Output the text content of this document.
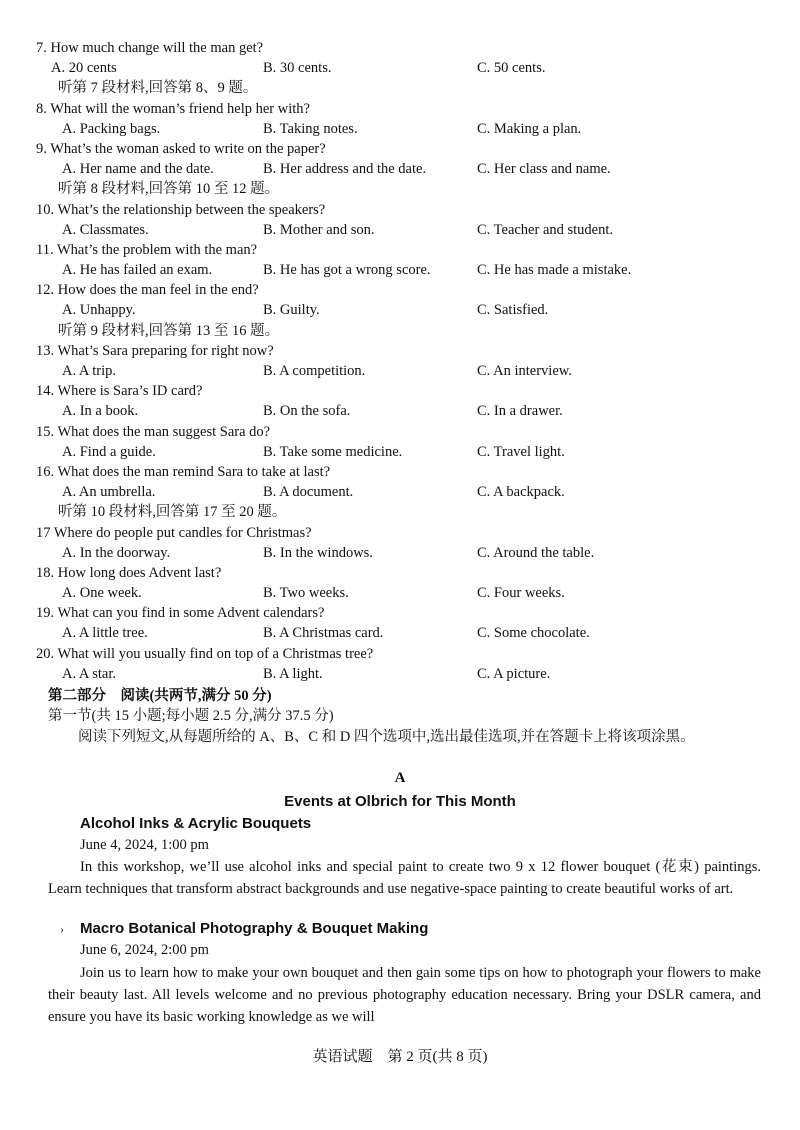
7. How much change will the man get?
A. 20 cents	B. 30 cents.	C. 50 cents.
听第 7 段材料,回答第 8、9 题。
8. What will the woman’s friend help her with?
A. Packing bags.	B. Taking notes.	C. Making a plan.
9. What’s the woman asked to write on the paper?
A. Her name and the date.	B. Her address and the date.	C. Her class and name.
听第 8 段材料,回答第 10 至 12 题。
10. What’s the relationship between the speakers?
A. Classmates.	B. Mother and son.	C. Teacher and student.
11. What’s the problem with the man?
A. He has failed an exam.	B. He has got a wrong score.	C. He has made a mistake.
12. How does the man feel in the end?
A. Unhappy.	B. Guilty.	C. Satisfied.
听第 9 段材料,回答第 13 至 16 题。
13. What’s Sara preparing for right now?
A. A trip.	B. A competition.	C. An interview.
14. Where is Sara’s ID card?
A. In a book.	B. On the sofa.	C. In a drawer.
15. What does the man suggest Sara do?
A. Find a guide.	B. Take some medicine.	C. Travel light.
16. What does the man remind Sara to take at last?
A. An umbrella.	B. A document.	C. A backpack.
听第 10 段材料,回答第 17 至 20 题。
17 Where do people put candles for Christmas?
A. In the doorway.	B. In the windows.	C. Around the table.
18. How long does Advent last?
A. One week.	B. Two weeks.	C. Four weeks.
19. What can you find in some Advent calendars?
A. A little tree.	B. A Christmas card.	C. Some chocolate.
20. What will you usually find on top of a Christmas tree?
A. A star.	B. A light.	C. A picture.
第二部分　阅读(共两节,满分 50 分)
第一节(共 15 小题;每小题 2.5 分,满分 37.5 分)
阅读下列短文,从每题所给的 A、B、C 和 D 四个选项中,选出最佳选项,并在答题卡上将该项涂黑。
A
Events at Olbrich for This Month
Alcohol Inks & Acrylic Bouquets
June 4, 2024, 1:00 pm
In this workshop, we’ll use alcohol inks and special paint to create two 9 x 12 flower bouquet (花束) paintings. Learn techniques that transform abstract backgrounds and use negative-space painting to create beautiful works of art.
› Macro Botanical Photography & Bouquet Making
June 6, 2024, 2:00 pm
Join us to learn how to make your own bouquet and then gain some tips on how to photograph your flowers to make their beauty last. All levels welcome and no previous photography education necessary. Bring your DSLR camera, and ensure you have its basic working knowledge as we will
英语试题　第 2 页(共 8 页)
